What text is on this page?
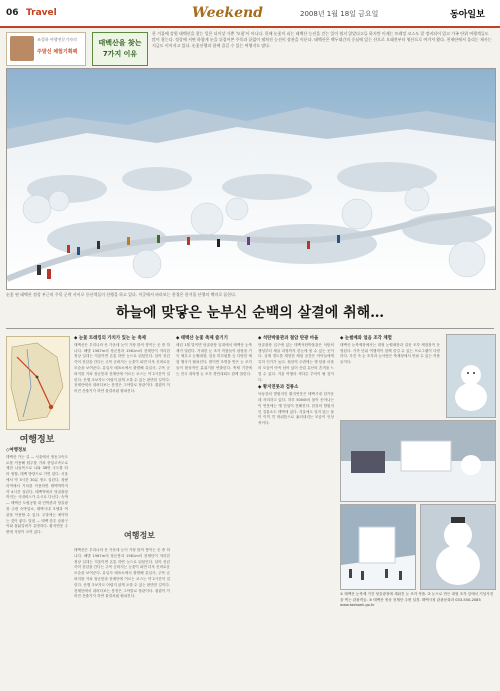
06 Travel	Weekend	2008년 1월 18일 금요일	동아일보
조성하 여행전문기자의
주말선 체험기획팩
태백산을 찾는
7가지 이유
한 겨울에 강원 태백산을 찾는 일은 더이상 가뿐 '모험'이 아니다. 한때 눈꽃이 피는 태백산 능선을 걷는 일이 쉽지 않았다고들 하지만 이제는 트레킹 코스도 잘 정비되어 있고 가족 단위 여행객들도 많이 찾는다. 정상에 서면 하얗게 눈을 뒤집어쓴 주목과 끝없이 펼쳐진 능선이 장관을 이룬다. 태백산은 백두대간의 중심에 있는 산으로 오래전부터 영산으로 여겨져 왔다. 천제단에서 올리는 제사는 지금도 이어지고 있다. 눈꽃산행과 함께 즐길 수 있는 여행지도 많다.
눈꽃 핀 태백산 정상 부근의 주목 군락 사이로 등산객들이 산행을 하고 있다. 이곳에서 바라보는 풍경은 한겨울 산행의 백미로 꼽힌다.
하늘에 맞닿은 눈부신 순백의 살결에 취해…
여행정보
◇여행정보
태백산 가는 길 — 서울에서 영동고속도로를 이용해 원주를 거쳐 중앙고속도로 제천 나들목으로 나와 38번 국도를 따라 영월, 태백 방향으로 가면 된다. 서울에서 약 3시간 30분 정도 걸린다. 청량리역에서 기차를 이용하면 태백역까지 약 4시간 걸린다. 태백역에서 당골광장까지는 시내버스가 수시로 다닌다. 숙박 — 태백산 도립공원 내 민박촌과 당골광장 주변 숙박업소, 태백시내 모텔과 여관을 이용할 수 있다. 주말에는 예약하는 것이 좋다. 맛집 — 태백 한우 숯불구이와 물닭갈비가 유명하다. 황지연못 주변에 식당이 모여 있다.
◆ 눈꽃 트레킹의 가치가 있는 눈 축제
태백산은 우리나라 산 가운데 눈이 가장 많이 쌓이는 곳 중 하나다. 해발 1567m의 장군봉과 1561m의 천제단이 자리한 정상 일대는 겨울이면 온통 하얀 눈으로 뒤덮인다. 살아 천년 죽어 천년을 간다는 주목 군락지는 눈꽃이 피면 더욱 신비로운 모습을 보여준다. 유일사 매표소에서 출발해 유일사, 주목 군락지를 거쳐 장군봉과 천제단에 이르는 코스는 약 2시간이 걸린다. 산행 초보자도 어렵지 않게 오를 수 있는 완만한 길이다. 천제단에서 내려다보는 풍경은 그야말로 장관이다. 겹겹이 이어진 산줄기가 하얀 물결처럼 펼쳐진다.
여행정보
태백산은 우리나라 산 가운데 눈이 가장 많이 쌓이는 곳 중 하나다. 해발 1567m의 장군봉과 1561m의 천제단이 자리한 정상 일대는 겨울이면 온통 하얀 눈으로 뒤덮인다. 살아 천년 죽어 천년을 간다는 주목 군락지는 눈꽃이 피면 더욱 신비로운 모습을 보여준다. 유일사 매표소에서 출발해 유일사, 주목 군락지를 거쳐 장군봉과 천제단에 이르는 코스는 약 2시간이 걸린다. 산행 초보자도 어렵지 않게 오를 수 있는 완만한 길이다. 천제단에서 내려다보는 풍경은 그야말로 장관이다. 겹겹이 이어진 산줄기가 하얀 물결처럼 펼쳐진다.
◆ 태백산 눈꽃 축제 즐기기
매년 1월 말이면 당골광장 일대에서 태백산 눈축제가 열린다. 거대한 눈 조각 작품들이 광장을 가득 채우고 눈썰매장, 얼음 미끄럼틀 등 다양한 체험 행사가 펼쳐진다. 밤이면 조명을 받은 눈 조각들이 환상적인 분위기를 연출한다. 축제 기간에는 전국 대학생 눈 조각 경연대회도 함께 열린다.
◆ 석탄박물관과 철암 탄광 마을
당골광장 입구에 있는 태백석탄박물관은 석탄의 생성부터 채굴 과정까지 한눈에 볼 수 있는 곳이다. 실제 갱도를 재현한 체험 공간은 아이들에게 특히 인기가 높다. 철암역 주변에는 옛 탄광 마을의 모습이 아직 남아 있어 산업 유산의 흔적을 느낄 수 있다. 겨울 여행의 색다른 추억이 될 것이다.
◆ 황지연못과 검룡소
낙동강의 발원지인 황지연못은 태백시내 한가운데 자리하고 있다. 하루 5000t의 물이 솟아나는 이 연못에는 옛 전설이 전해진다. 한강의 발원지인 검룡소도 태백에 있다. 겨울에도 얼지 않는 물이 이끼 낀 바위틈으로 흘러내리는 모습이 인상적이다.
◆ 눈썰매와 얼음 조각 체험
태백산 눈축제장에서는 대형 눈썰매장과 얼음 조각 체험장이 운영된다. 가족 단위 여행객이 함께 즐길 수 있는 프로그램이 다양하다. 사진 속 눈 조각과 눈사람은 축제장에서 만날 수 있는 작품들이다.
① 태백산 눈축제 기간 당골광장에 세워진 눈 조각 작품. ② 눈으로 만든 대형 조각 앞에서 기념사진을 찍는 관광객들. ③ 태백산 정상 천제단 주변 설경. 태백시청 관광문화과 033-550-2085 www.taebaek.go.kr
